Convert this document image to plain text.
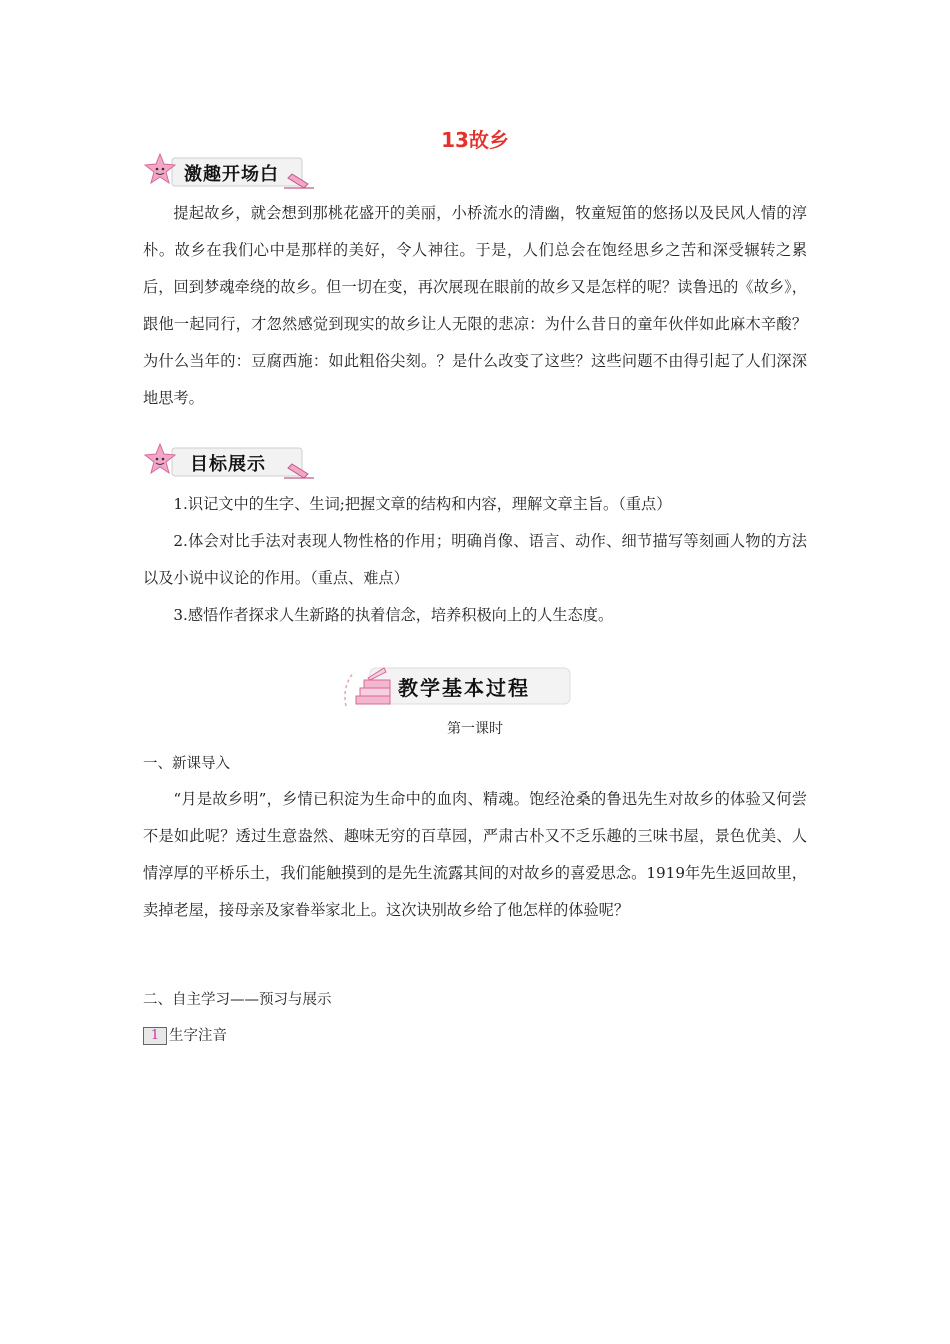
13故乡
激趣开场白
提起故乡，就会想到那桃花盛开的美丽，小桥流水的清幽，牧童短笛的悠扬以及民风人情的淳朴。故乡在我们心中是那样的美好，令人神往。于是，人们总会在饱经思乡之苦和深受辗转之累后，回到梦魂牵绕的故乡。但一切在变，再次展现在眼前的故乡又是怎样的呢？读鲁迅的《故乡》，跟他一起同行，才忽然感觉到现实的故乡让人无限的悲凉：为什么昔日的童年伙伴如此麻木辛酸？为什么当年的：豆腐西施：如此粗俗尖刻。？是什么改变了这些？这些问题不由得引起了人们深深地思考。
目标展示
1.识记文中的生字、生词;把握文章的结构和内容，理解文章主旨。（重点）
2.体会对比手法对表现人物性格的作用；明确肖像、语言、动作、细节描写等刻画人物的方法以及小说中议论的作用。（重点、难点）
3.感悟作者探求人生新路的执着信念，培养积极向上的人生态度。
教学基本过程
第一课时
一、新课导入
“月是故乡明”，乡情已积淀为生命中的血肉、精魂。饱经沧桑的鲁迅先生对故乡的体验又何尝不是如此呢？透过生意盎然、趣味无穷的百草园，严肃古朴又不乏乐趣的三味书屋，景色优美、人情淳厚的平桥乐土，我们能触摸到的是先生流露其间的对故乡的喜爱思念。1919年先生返回故里，卖掉老屋，接母亲及家眷举家北上。这次诀别故乡给了他怎样的体验呢？
二、自主学习——预习与展示
1 生字注音
